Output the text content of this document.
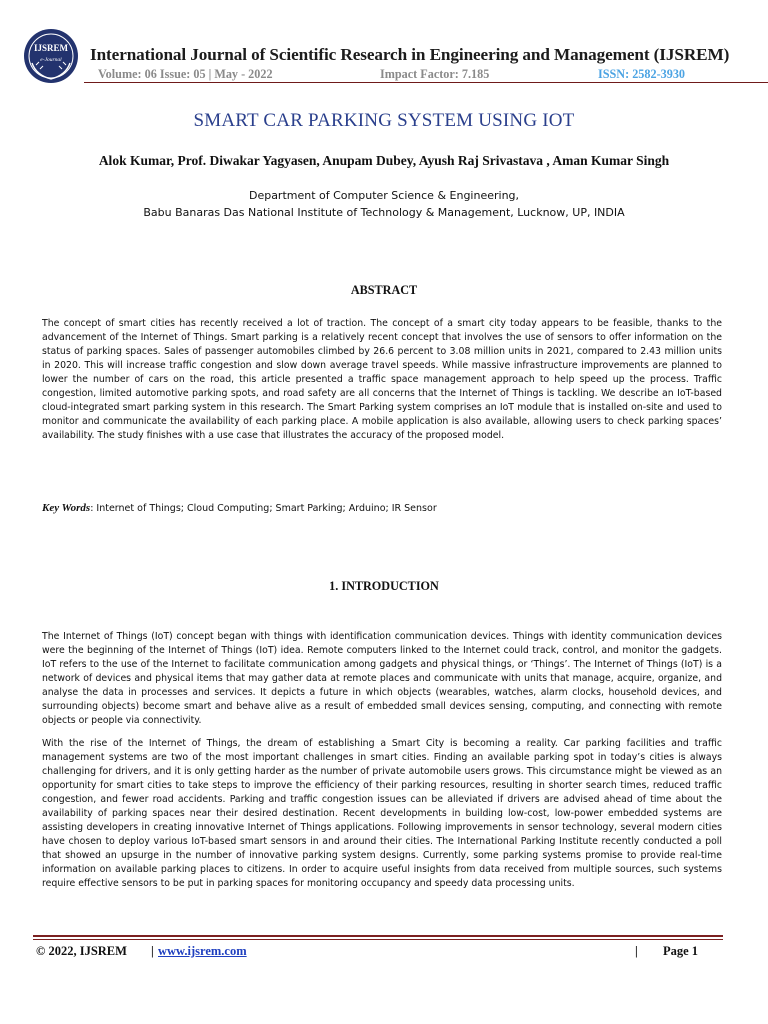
IJSREM
e-Journal International Journal of Scientific Research in Engineering and Management (IJSREM)
Volume: 06 Issue: 05 | May - 2022	Impact Factor: 7.185	ISSN: 2582-3930
SMART CAR PARKING SYSTEM USING IOT
Alok Kumar, Prof. Diwakar Yagyasen, Anupam Dubey, Ayush Raj Srivastava , Aman Kumar Singh
Department of Computer Science & Engineering,
Babu Banaras Das National Institute of Technology & Management, Lucknow, UP, INDIA
ABSTRACT

The concept of smart cities has recently received a lot of traction. The concept of a smart city today appears to be feasible, thanks to the advancement of the Internet of Things. Smart parking is a relatively recent concept that involves the use of sensors to offer information on the status of parking spaces. Sales of passenger automobiles climbed by 26.6 percent to 3.08 million units in 2021, compared to 2.43 million units in 2020. This will increase traffic congestion and slow down average travel speeds. While massive infrastructure improvements are planned to lower the number of cars on the road, this article presented a traffic space management approach to help speed up the process. Traffic congestion, limited automotive parking spots, and road safety are all concerns that the Internet of Things is tackling. We describe an IoT-based cloud-integrated smart parking system in this research. The Smart Parking system comprises an IoT module that is installed on-site and used to monitor and communicate the availability of each parking place. A mobile application is also available, allowing users to check parking spaces’ availability. The study finishes with a use case that illustrates the accuracy of the proposed model.

Key Words: Internet of Things; Cloud Computing; Smart Parking; Arduino; IR Sensor
1. INTRODUCTION

The Internet of Things (IoT) concept began with things with identification communication devices. Things with identity communication devices were the beginning of the Internet of Things (IoT) idea. Remote computers linked to the Internet could track, control, and monitor the gadgets. IoT refers to the use of the Internet to facilitate communication among gadgets and physical things, or ‘Things’. The Internet of Things (IoT) is a network of devices and physical items that may gather data at remote places and communicate with units that manage, acquire, organize, and analyse the data in processes and services. It depicts a future in which objects (wearables, watches, alarm clocks, household devices, and surrounding objects) become smart and behave alive as a result of embedded small devices sensing, computing, and connecting with remote objects or people via connectivity.

With the rise of the Internet of Things, the dream of establishing a Smart City is becoming a reality. Car parking facilities and traffic management systems are two of the most important challenges in smart cities. Finding an available parking spot in today’s cities is always challenging for drivers, and it is only getting harder as the number of private automobile users grows. This circumstance might be viewed as an opportunity for smart cities to take steps to improve the efficiency of their parking resources, resulting in shorter search times, reduced traffic congestion, and fewer road accidents. Parking and traffic congestion issues can be alleviated if drivers are advised ahead of time about the availability of parking spaces near their desired destination. Recent developments in building low-cost, low-power embedded systems are assisting developers in creating innovative Internet of Things applications. Following improvements in sensor technology, several modern cities have chosen to deploy various IoT-based smart sensors in and around their cities. The International Parking Institute recently conducted a poll that showed an upsurge in the number of innovative parking system designs. Currently, some parking systems promise to provide real-time information on available parking places to citizens. In order to acquire useful insights from data received from multiple sources, such systems require effective sensors to be put in parking spaces for monitoring occupancy and speedy data processing units.

© 2022, IJSREM | www.ijsrem.com	| Page 1
